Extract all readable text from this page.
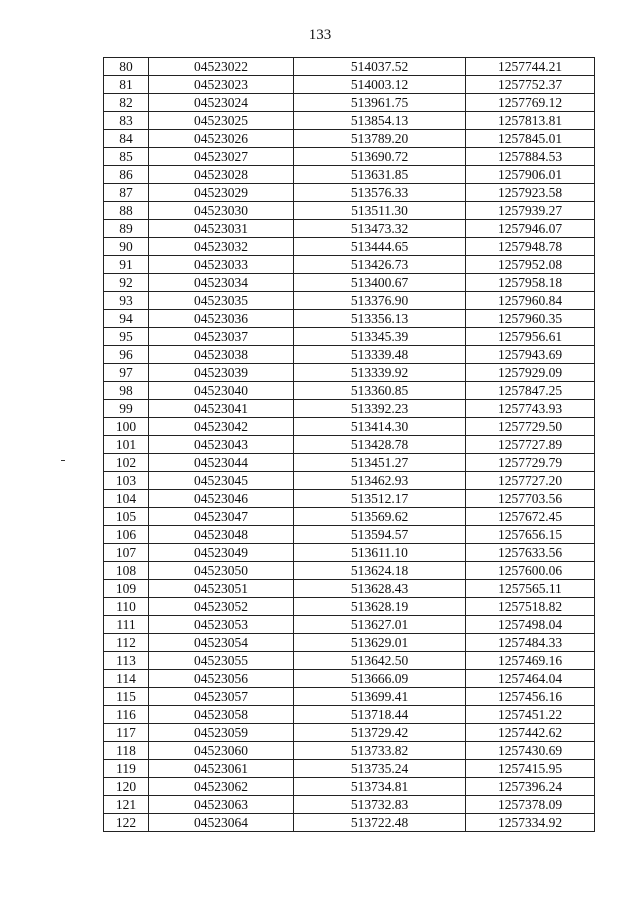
133
80	04523022	514037.52	1257744.21
81	04523023	514003.12	1257752.37
82	04523024	513961.75	1257769.12
83	04523025	513854.13	1257813.81
84	04523026	513789.20	1257845.01
85	04523027	513690.72	1257884.53
86	04523028	513631.85	1257906.01
87	04523029	513576.33	1257923.58
88	04523030	513511.30	1257939.27
89	04523031	513473.32	1257946.07
90	04523032	513444.65	1257948.78
91	04523033	513426.73	1257952.08
92	04523034	513400.67	1257958.18
93	04523035	513376.90	1257960.84
94	04523036	513356.13	1257960.35
95	04523037	513345.39	1257956.61
96	04523038	513339.48	1257943.69
97	04523039	513339.92	1257929.09
98	04523040	513360.85	1257847.25
99	04523041	513392.23	1257743.93
100	04523042	513414.30	1257729.50
101	04523043	513428.78	1257727.89
102	04523044	513451.27	1257729.79
103	04523045	513462.93	1257727.20
104	04523046	513512.17	1257703.56
105	04523047	513569.62	1257672.45
106	04523048	513594.57	1257656.15
107	04523049	513611.10	1257633.56
108	04523050	513624.18	1257600.06
109	04523051	513628.43	1257565.11
110	04523052	513628.19	1257518.82
111	04523053	513627.01	1257498.04
112	04523054	513629.01	1257484.33
113	04523055	513642.50	1257469.16
114	04523056	513666.09	1257464.04
115	04523057	513699.41	1257456.16
116	04523058	513718.44	1257451.22
117	04523059	513729.42	1257442.62
118	04523060	513733.82	1257430.69
119	04523061	513735.24	1257415.95
120	04523062	513734.81	1257396.24
121	04523063	513732.83	1257378.09
122	04523064	513722.48	1257334.92
